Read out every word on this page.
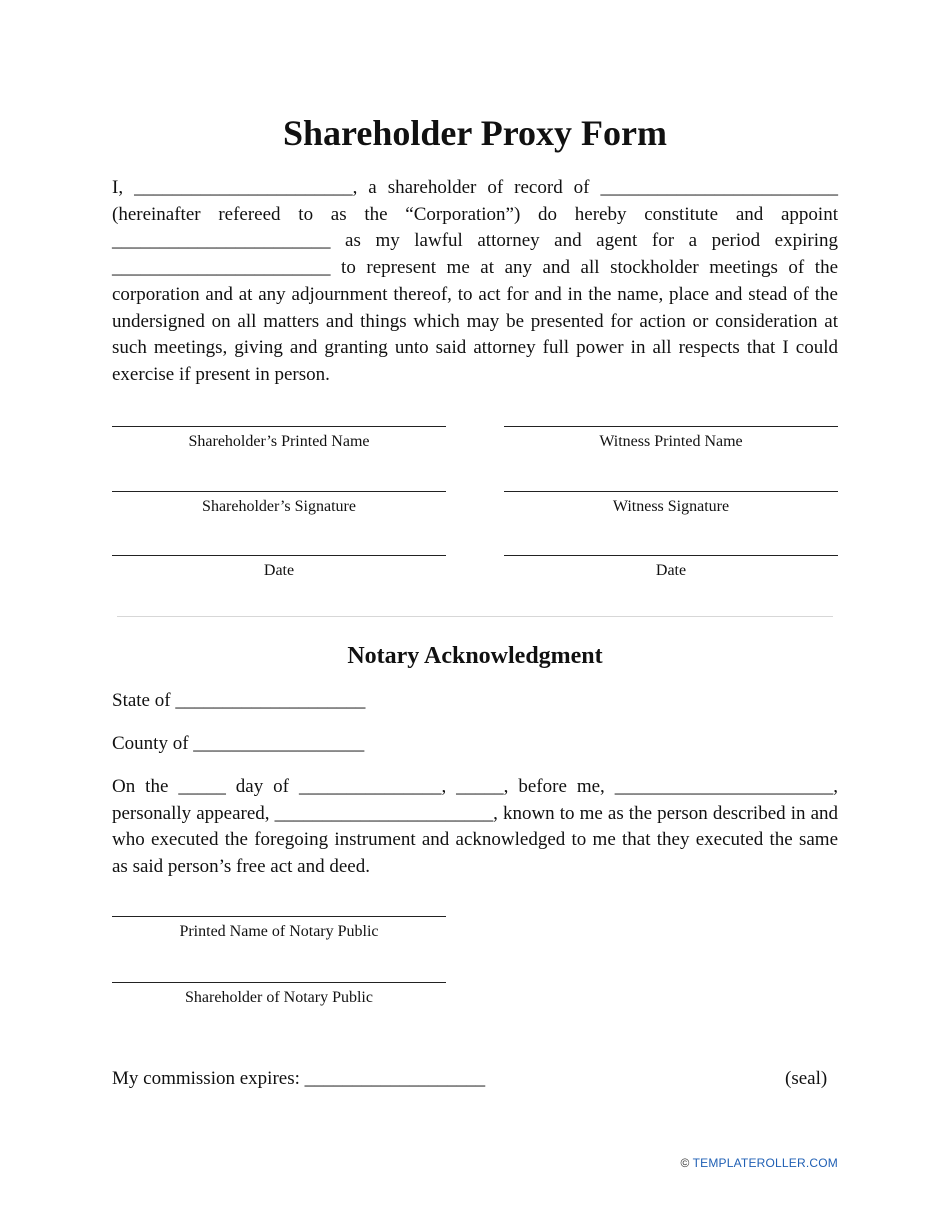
Shareholder Proxy Form
I, _______________________, a shareholder of record of _________________________ (hereinafter refereed to as the “Corporation”) do hereby constitute and appoint _______________________ as my lawful attorney and agent for a period expiring _______________________ to represent me at any and all stockholder meetings of the corporation and at any adjournment thereof, to act for and in the name, place and stead of the undersigned on all matters and things which may be presented for action or consideration at such meetings, giving and granting unto said attorney full power in all respects that I could exercise if present in person.
Shareholder’s Printed Name	Witness Printed Name
Shareholder’s Signature	Witness Signature
Date	Date
Notary Acknowledgment
State of ____________________
County of __________________
On the _____ day of _______________, _____, before me, _______________________, personally appeared, _______________________, known to me as the person described in and who executed the foregoing instrument and acknowledged to me that they executed the same as said person’s free act and deed.
Printed Name of Notary Public
Shareholder of Notary Public
My commission expires: ___________________	(seal)
© TEMPLATEROLLER.COM
